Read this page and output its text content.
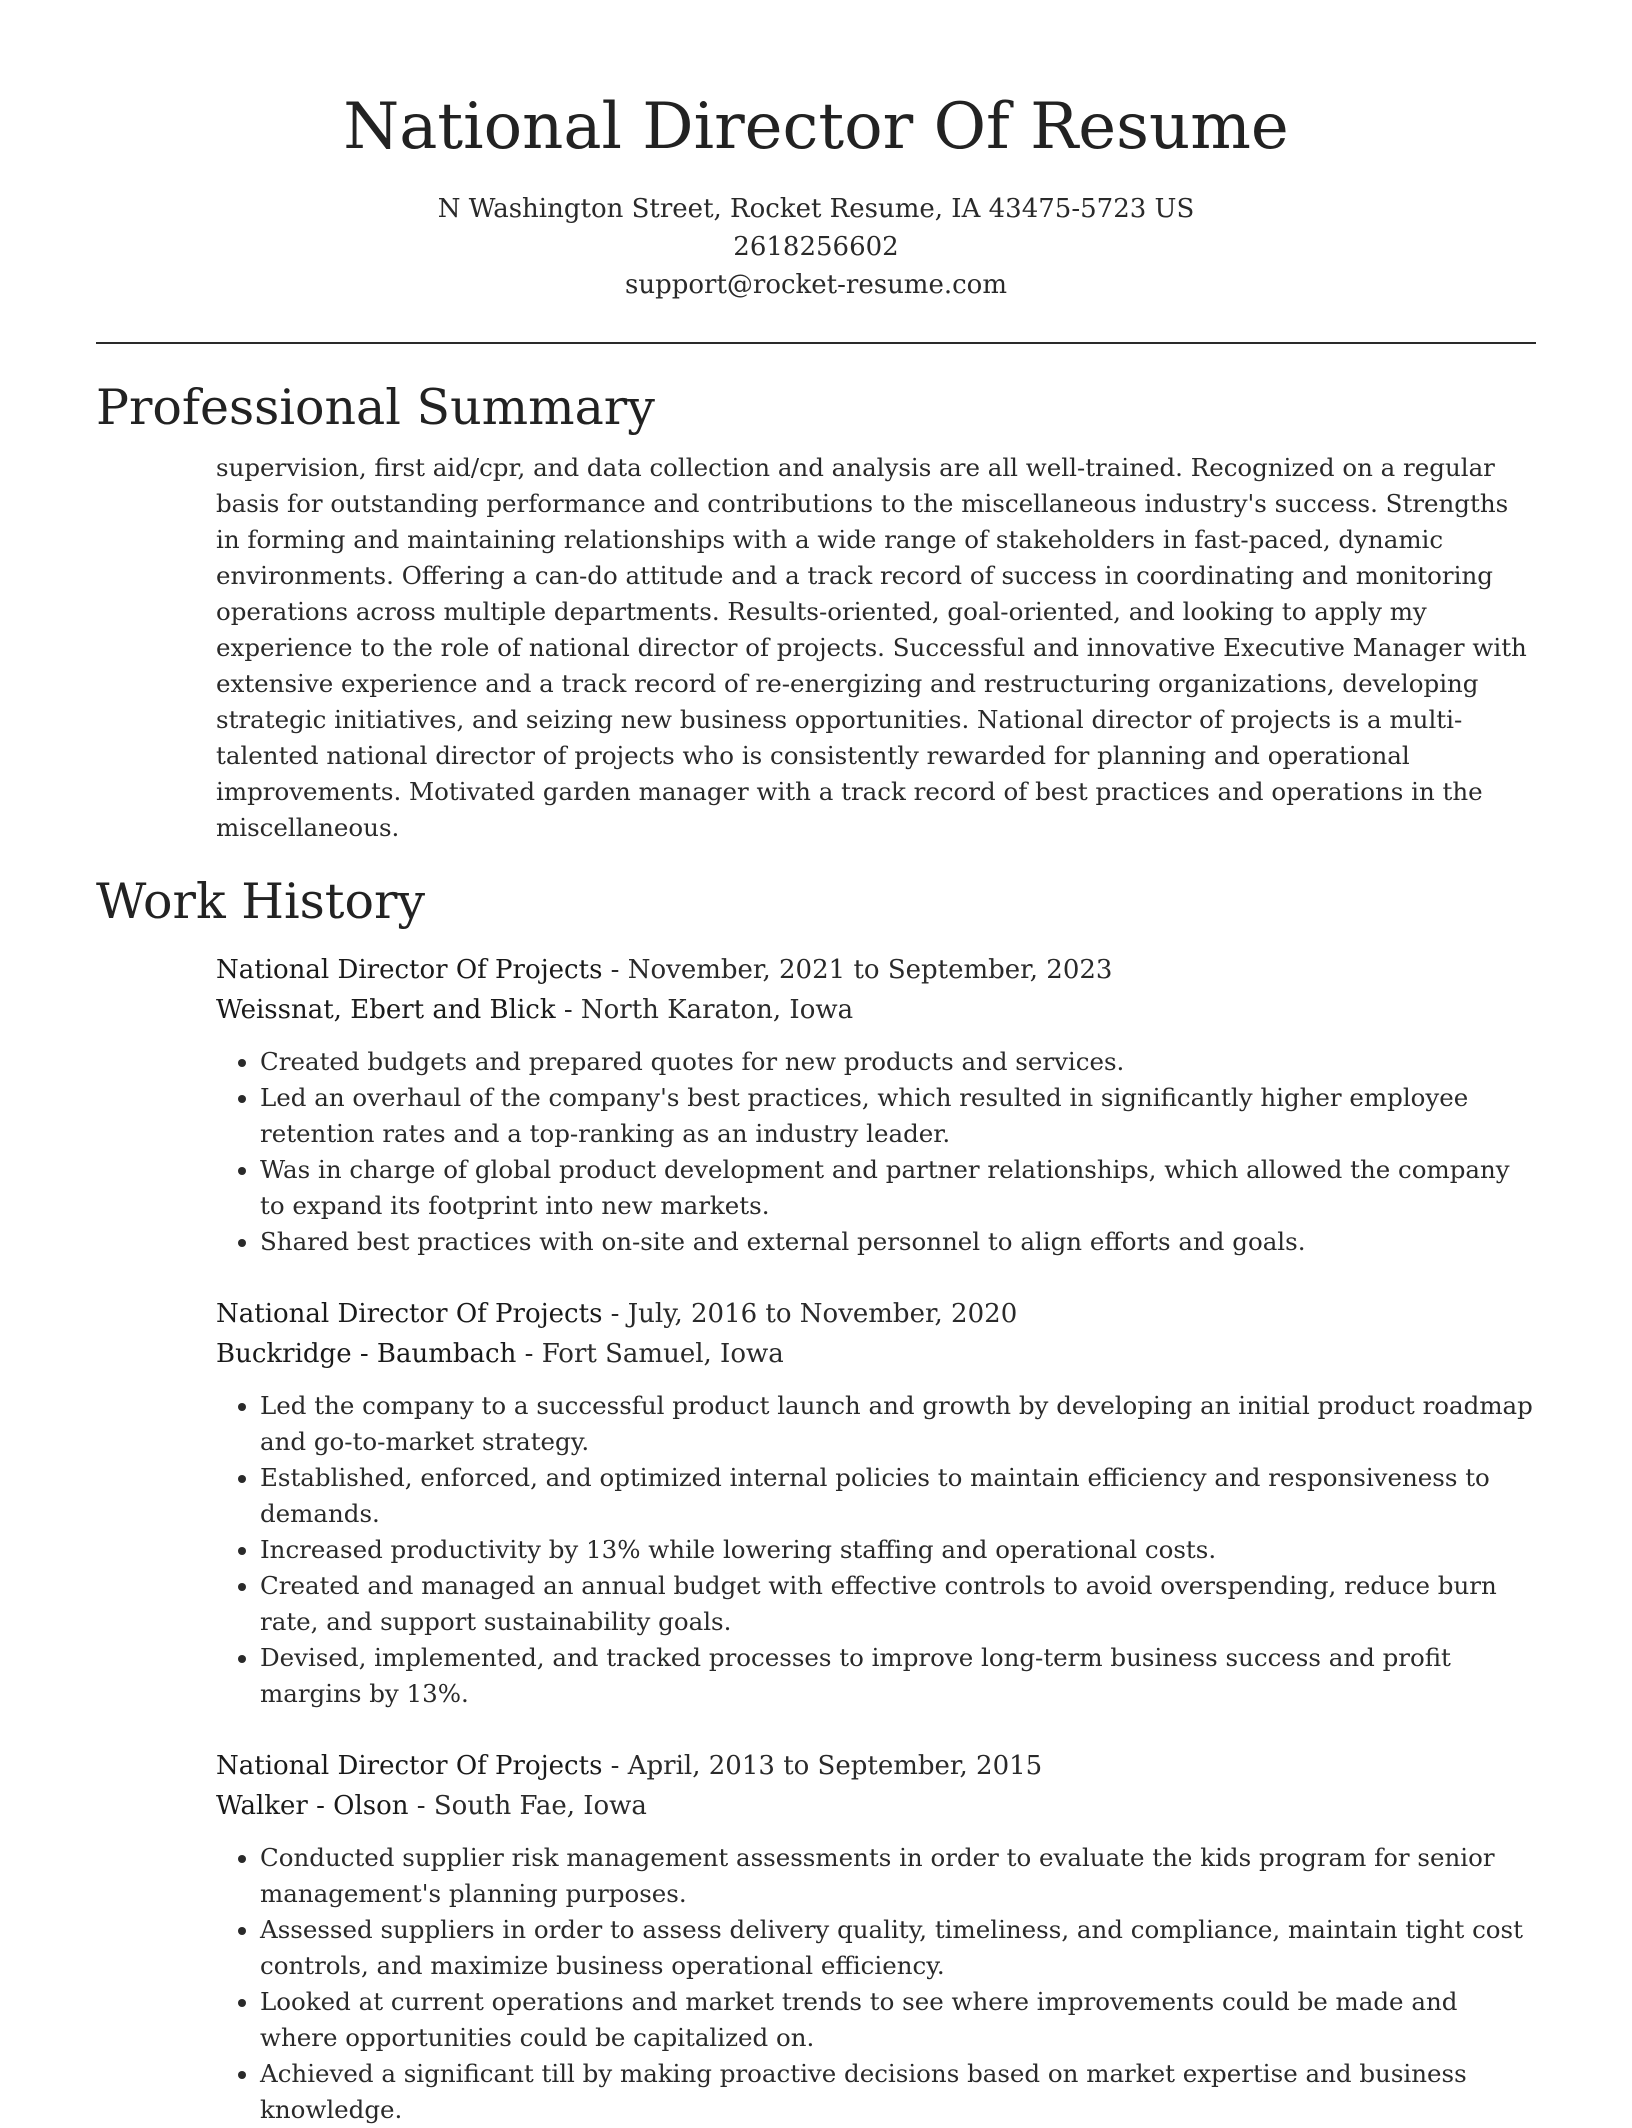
National Director Of Resume
N Washington Street, Rocket Resume, IA 43475-5723 US
2618256602
support@rocket-resume.com
Professional Summary

supervision, first aid/cpr, and data collection and analysis are all well-trained. Recognized on a regular basis for outstanding performance and contributions to the miscellaneous industry's success. Strengths in forming and maintaining relationships with a wide range of stakeholders in fast-paced, dynamic environments. Offering a can-do attitude and a track record of success in coordinating and monitoring operations across multiple departments. Results-oriented, goal-oriented, and looking to apply my experience to the role of national director of projects. Successful and innovative Executive Manager with extensive experience and a track record of re-energizing and restructuring organizations, developing strategic initiatives, and seizing new business opportunities. National director of projects is a multi-talented national director of projects who is consistently rewarded for planning and operational improvements. Motivated garden manager with a track record of best practices and operations in the miscellaneous.

Work History
National Director Of Projects - November, 2021 to September, 2023
Weissnat, Ebert and Blick - North Karaton, Iowa
• Created budgets and prepared quotes for new products and services.
• Led an overhaul of the company's best practices, which resulted in significantly higher employee retention rates and a top-ranking as an industry leader.
• Was in charge of global product development and partner relationships, which allowed the company to expand its footprint into new markets.
• Shared best practices with on-site and external personnel to align efforts and goals.
National Director Of Projects - July, 2016 to November, 2020
Buckridge - Baumbach - Fort Samuel, Iowa
• Led the company to a successful product launch and growth by developing an initial product roadmap and go-to-market strategy.
• Established, enforced, and optimized internal policies to maintain efficiency and responsiveness to demands.
• Increased productivity by 13% while lowering staffing and operational costs.
• Created and managed an annual budget with effective controls to avoid overspending, reduce burn rate, and support sustainability goals.
• Devised, implemented, and tracked processes to improve long-term business success and profit margins by 13%.
National Director Of Projects - April, 2013 to September, 2015
Walker - Olson - South Fae, Iowa
• Conducted supplier risk management assessments in order to evaluate the kids program for senior management's planning purposes.
• Assessed suppliers in order to assess delivery quality, timeliness, and compliance, maintain tight cost controls, and maximize business operational efficiency.
• Looked at current operations and market trends to see where improvements could be made and where opportunities could be capitalized on.
• Achieved a significant till by making proactive decisions based on market expertise and business knowledge.
